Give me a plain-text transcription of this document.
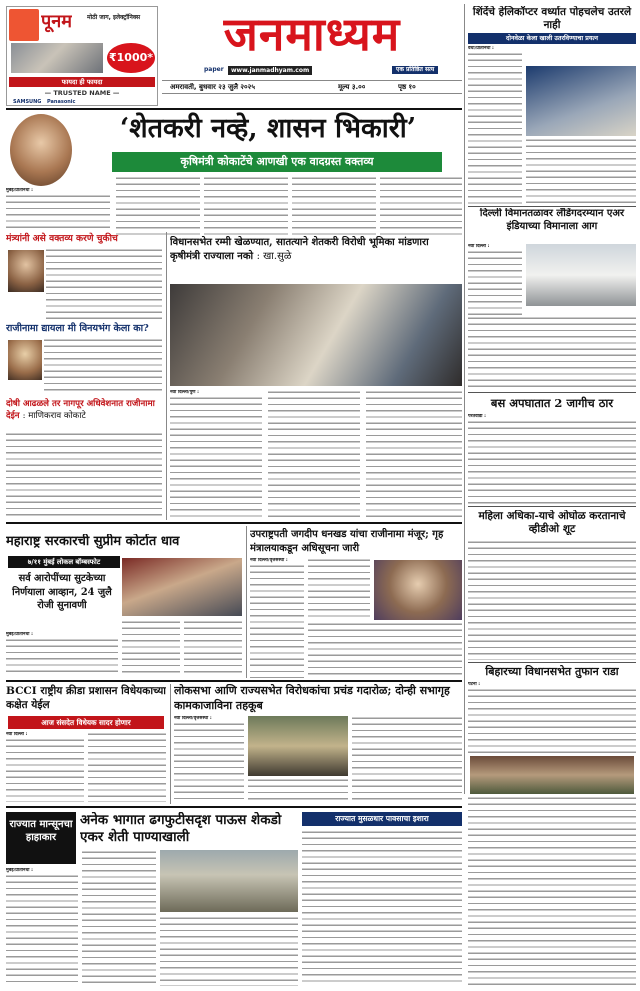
पूनम	मोठी जाग, इलेक्ट्रॉनिक्स
₹1000*
फायदा ही फायदा
— TRUSTED NAME —
SAMSUNG Panasonic
जनमाध्यम
paper	www.janmadhyam.com	एक प्रतिष्ठित सत्य
अमरावती, बुधवार २३ जुलै २०२५	मूल्य ३.००	पृष्ठ १०
शिंदेंचे हेलिकॉप्टर वर्ध्यात पोहचलेच उतरले नाही
दोनवेळा केला खाली उतरविण्याचा प्रयत्न
वर्धा/प्रतिनिधी :
दिल्ली विमानतळावर लँडिंगदरम्यान एअर इंडियाच्या विमानाला आग
नवी दिल्ली :
बस अपघातात 2 जागीच ठार
परतवाडा :
महिला अधिका-याचे ओघोळ करतानाचे व्हीडीओ शूट
बिहारच्या विधानसभेत तुफान राडा
पटना :
‘शेतकरी नव्हे, शासन भिकारी’
कृषिमंत्री कोकाटेंचे आणखी एक वादग्रस्त वक्तव्य
मुंबई/प्रतिनिधी :
मंत्र्यांनी असे वक्तव्य करणे चुकीच
राजीनामा द्यायला मी विनयभंग केला का?
दोषी आढळले तर नागपूर अधिवेशनात राजीनामा देईन : माणिकराव कोकाटे
विधानसभेत रम्मी खेळण्यात, सातत्याने शेतकरी विरोधी भूमिका मांडणारा कृषीमंत्री राज्याला नको : खा.सुळे
नवी दिल्ली/पुणे :
महाराष्ट्र सरकारची सुप्रीम कोर्टात धाव
७/११ मुंबई लोकल बॉम्बस्फोट
सर्व आरोपींच्या सुटकेच्या निर्णयाला आव्हान, 24 जुलै रोजी सुनावणी
मुंबई/प्रतिनिधी :
उपराष्ट्रपती जगदीप धनखड यांचा राजीनामा मंजूर; गृह मंत्रालयाकडून अधिसूचना जारी
नवी दिल्ली/वृत्तसंस्था :
BCCI राष्ट्रीय क्रीडा प्रशासन विधेयकाच्या कक्षेत येईल
आज संसदेत विधेयक सादर होणार
नवी दिल्ली :
लोकसभा आणि राज्यसभेत विरोधकांचा प्रचंड गदारोळ; दोन्ही सभागृह कामकाजाविना तहकूब
नवी दिल्ली/वृत्तसंस्था :
राज्यात मान्सूनचा हाहाकार
अनेक भागात ढगफुटीसदृश पाऊस शेकडो एकर शेती पाण्याखाली
मुंबई/प्रतिनिधी :
राज्यात मुसळधार पावसाचा इशारा
